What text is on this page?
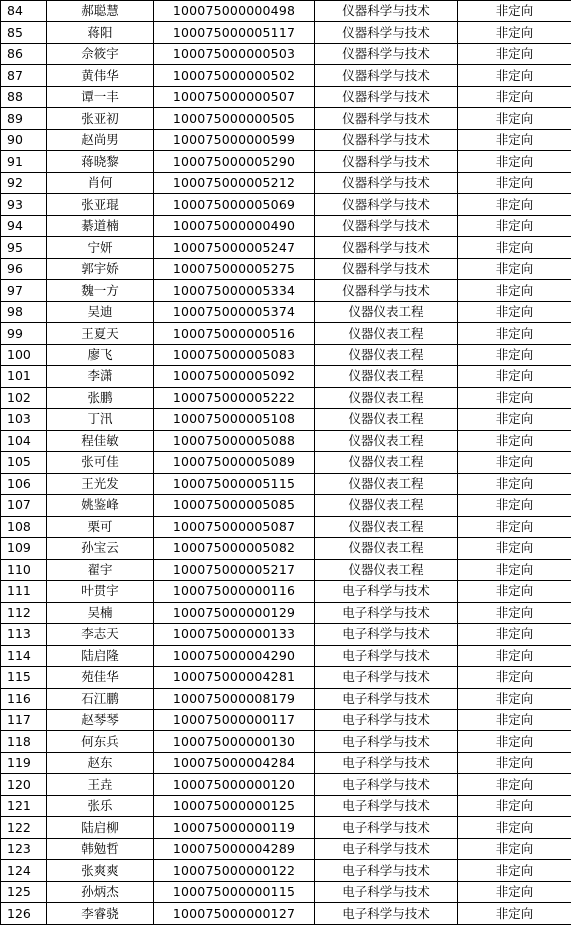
84	郝聪慧	100075000000498	仪器科学与技术	非定向
85	蒋阳	100075000005117	仪器科学与技术	非定向
86	佘筱宇	100075000000503	仪器科学与技术	非定向
87	黄伟华	100075000000502	仪器科学与技术	非定向
88	谭一丰	100075000000507	仪器科学与技术	非定向
89	张亚初	100075000000505	仪器科学与技术	非定向
90	赵尚男	100075000000599	仪器科学与技术	非定向
91	蒋晓黎	100075000005290	仪器科学与技术	非定向
92	肖何	100075000005212	仪器科学与技术	非定向
93	张亚琨	100075000005069	仪器科学与技术	非定向
94	綦道楠	100075000000490	仪器科学与技术	非定向
95	宁妍	100075000005247	仪器科学与技术	非定向
96	郭宇娇	100075000005275	仪器科学与技术	非定向
97	魏一方	100075000005334	仪器科学与技术	非定向
98	吴迪	100075000005374	仪器仪表工程	非定向
99	王夏天	100075000000516	仪器仪表工程	非定向
100	廖飞	100075000005083	仪器仪表工程	非定向
101	李潇	100075000005092	仪器仪表工程	非定向
102	张鹏	100075000005222	仪器仪表工程	非定向
103	丁汛	100075000005108	仪器仪表工程	非定向
104	程佳敏	100075000005088	仪器仪表工程	非定向
105	张可佳	100075000005089	仪器仪表工程	非定向
106	王光发	100075000005115	仪器仪表工程	非定向
107	姚鉴峰	100075000005085	仪器仪表工程	非定向
108	栗可	100075000005087	仪器仪表工程	非定向
109	孙宝云	100075000005082	仪器仪表工程	非定向
110	翟宇	100075000005217	仪器仪表工程	非定向
111	叶贯宇	100075000000116	电子科学与技术	非定向
112	吴楠	100075000000129	电子科学与技术	非定向
113	李志天	100075000000133	电子科学与技术	非定向
114	陆启隆	100075000004290	电子科学与技术	非定向
115	苑佳华	100075000004281	电子科学与技术	非定向
116	石江鹏	100075000008179	电子科学与技术	非定向
117	赵琴琴	100075000000117	电子科学与技术	非定向
118	何东兵	100075000000130	电子科学与技术	非定向
119	赵东	100075000004284	电子科学与技术	非定向
120	王垚	100075000000120	电子科学与技术	非定向
121	张乐	100075000000125	电子科学与技术	非定向
122	陆启柳	100075000000119	电子科学与技术	非定向
123	韩勉哲	100075000004289	电子科学与技术	非定向
124	张爽爽	100075000000122	电子科学与技术	非定向
125	孙炳杰	100075000000115	电子科学与技术	非定向
126	李睿骁	100075000000127	电子科学与技术	非定向
